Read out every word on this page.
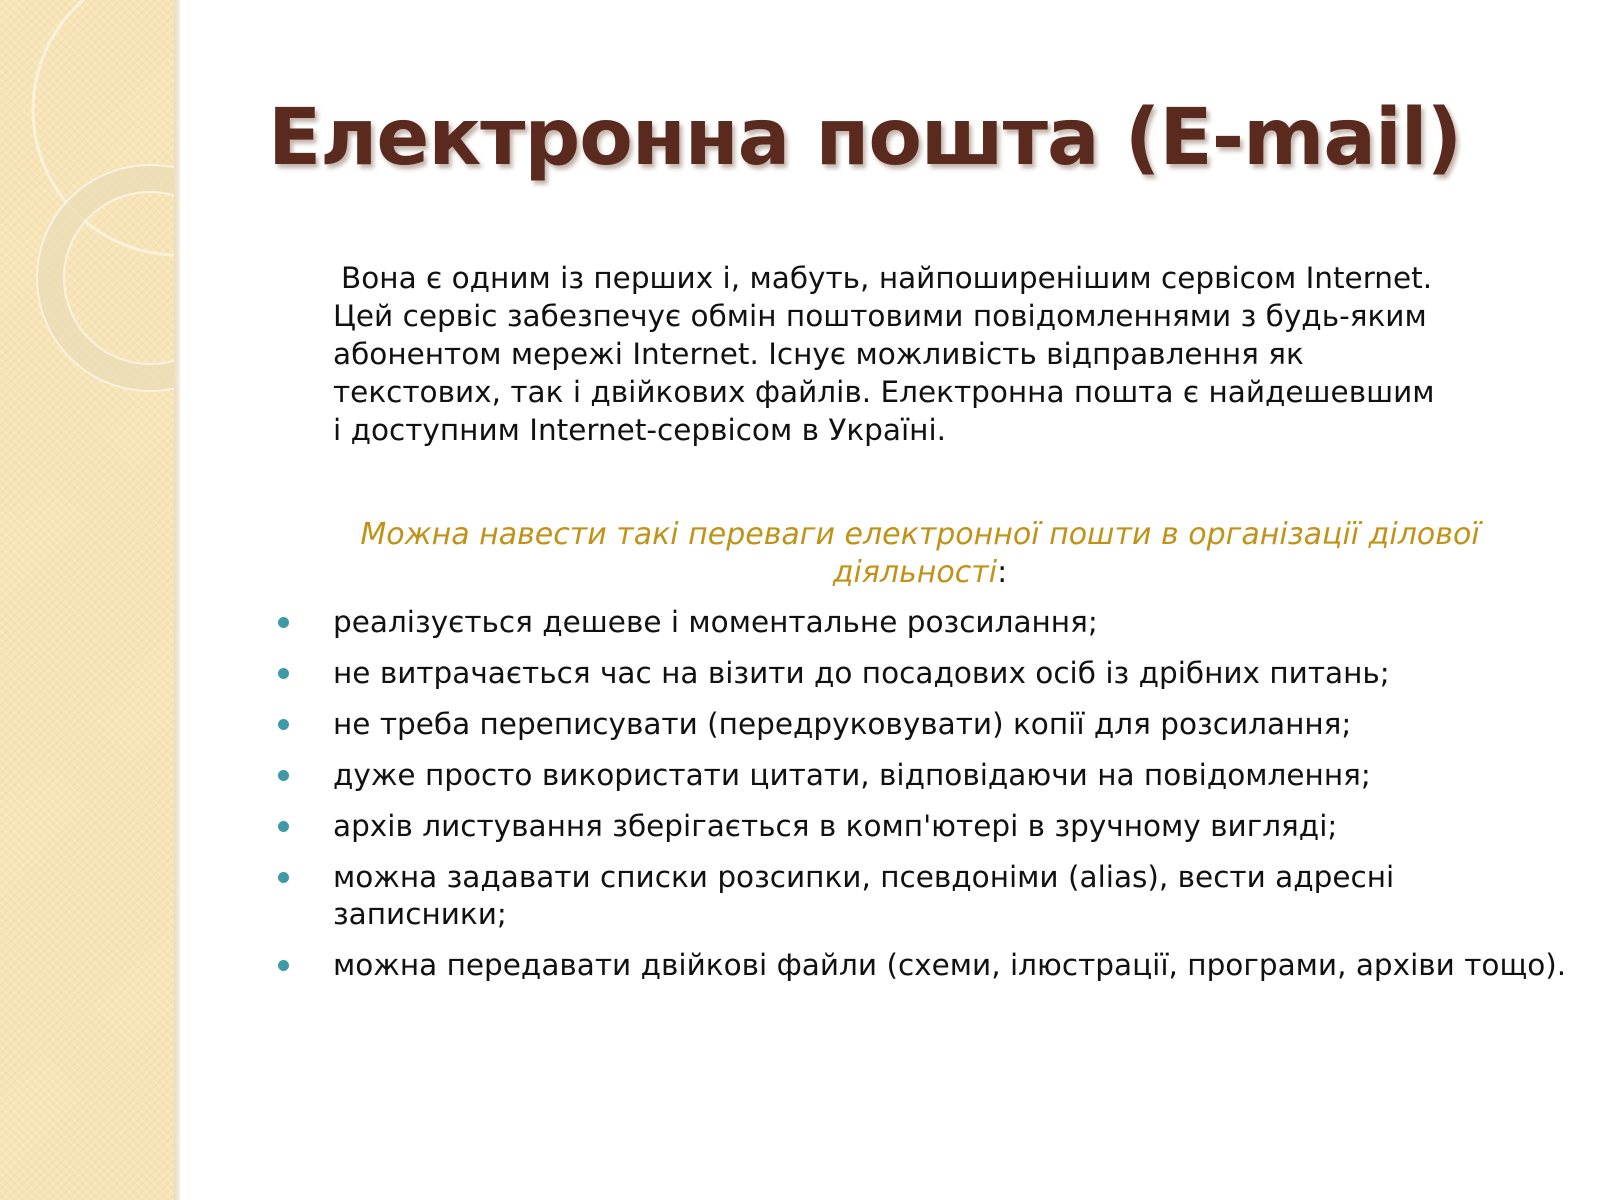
Електронна пошта (E-mail)
Вона є одним із перших і, мабуть, найпоширенішим сервісом Internet.
Цей сервіс забезпечує обмін поштовими повідомленнями з будь-яким
абонентом мережі Internet. Існує можливість відправлення як
текстових, так і двійкових файлів. Електронна пошта є найдешевшим
і доступним Internet-сервісом в Україні.

Можна навести такі переваги електронної пошти в організації ділової діяльності:

реалізується дешеве і моментальне розсилання;
не витрачається час на візити до посадових осіб із дрібних питань;
не треба переписувати (передруковувати) копії для розсилання;
дуже просто використати цитати, відповідаючи на повідомлення;
архів листування зберігається в комп'ютері в зручному вигляді;
можна задавати списки розсипки, псевдоніми (alias), вести адресні записники;
можна передавати двійкові файли (схеми, ілюстрації, програми, архіви тощо).
